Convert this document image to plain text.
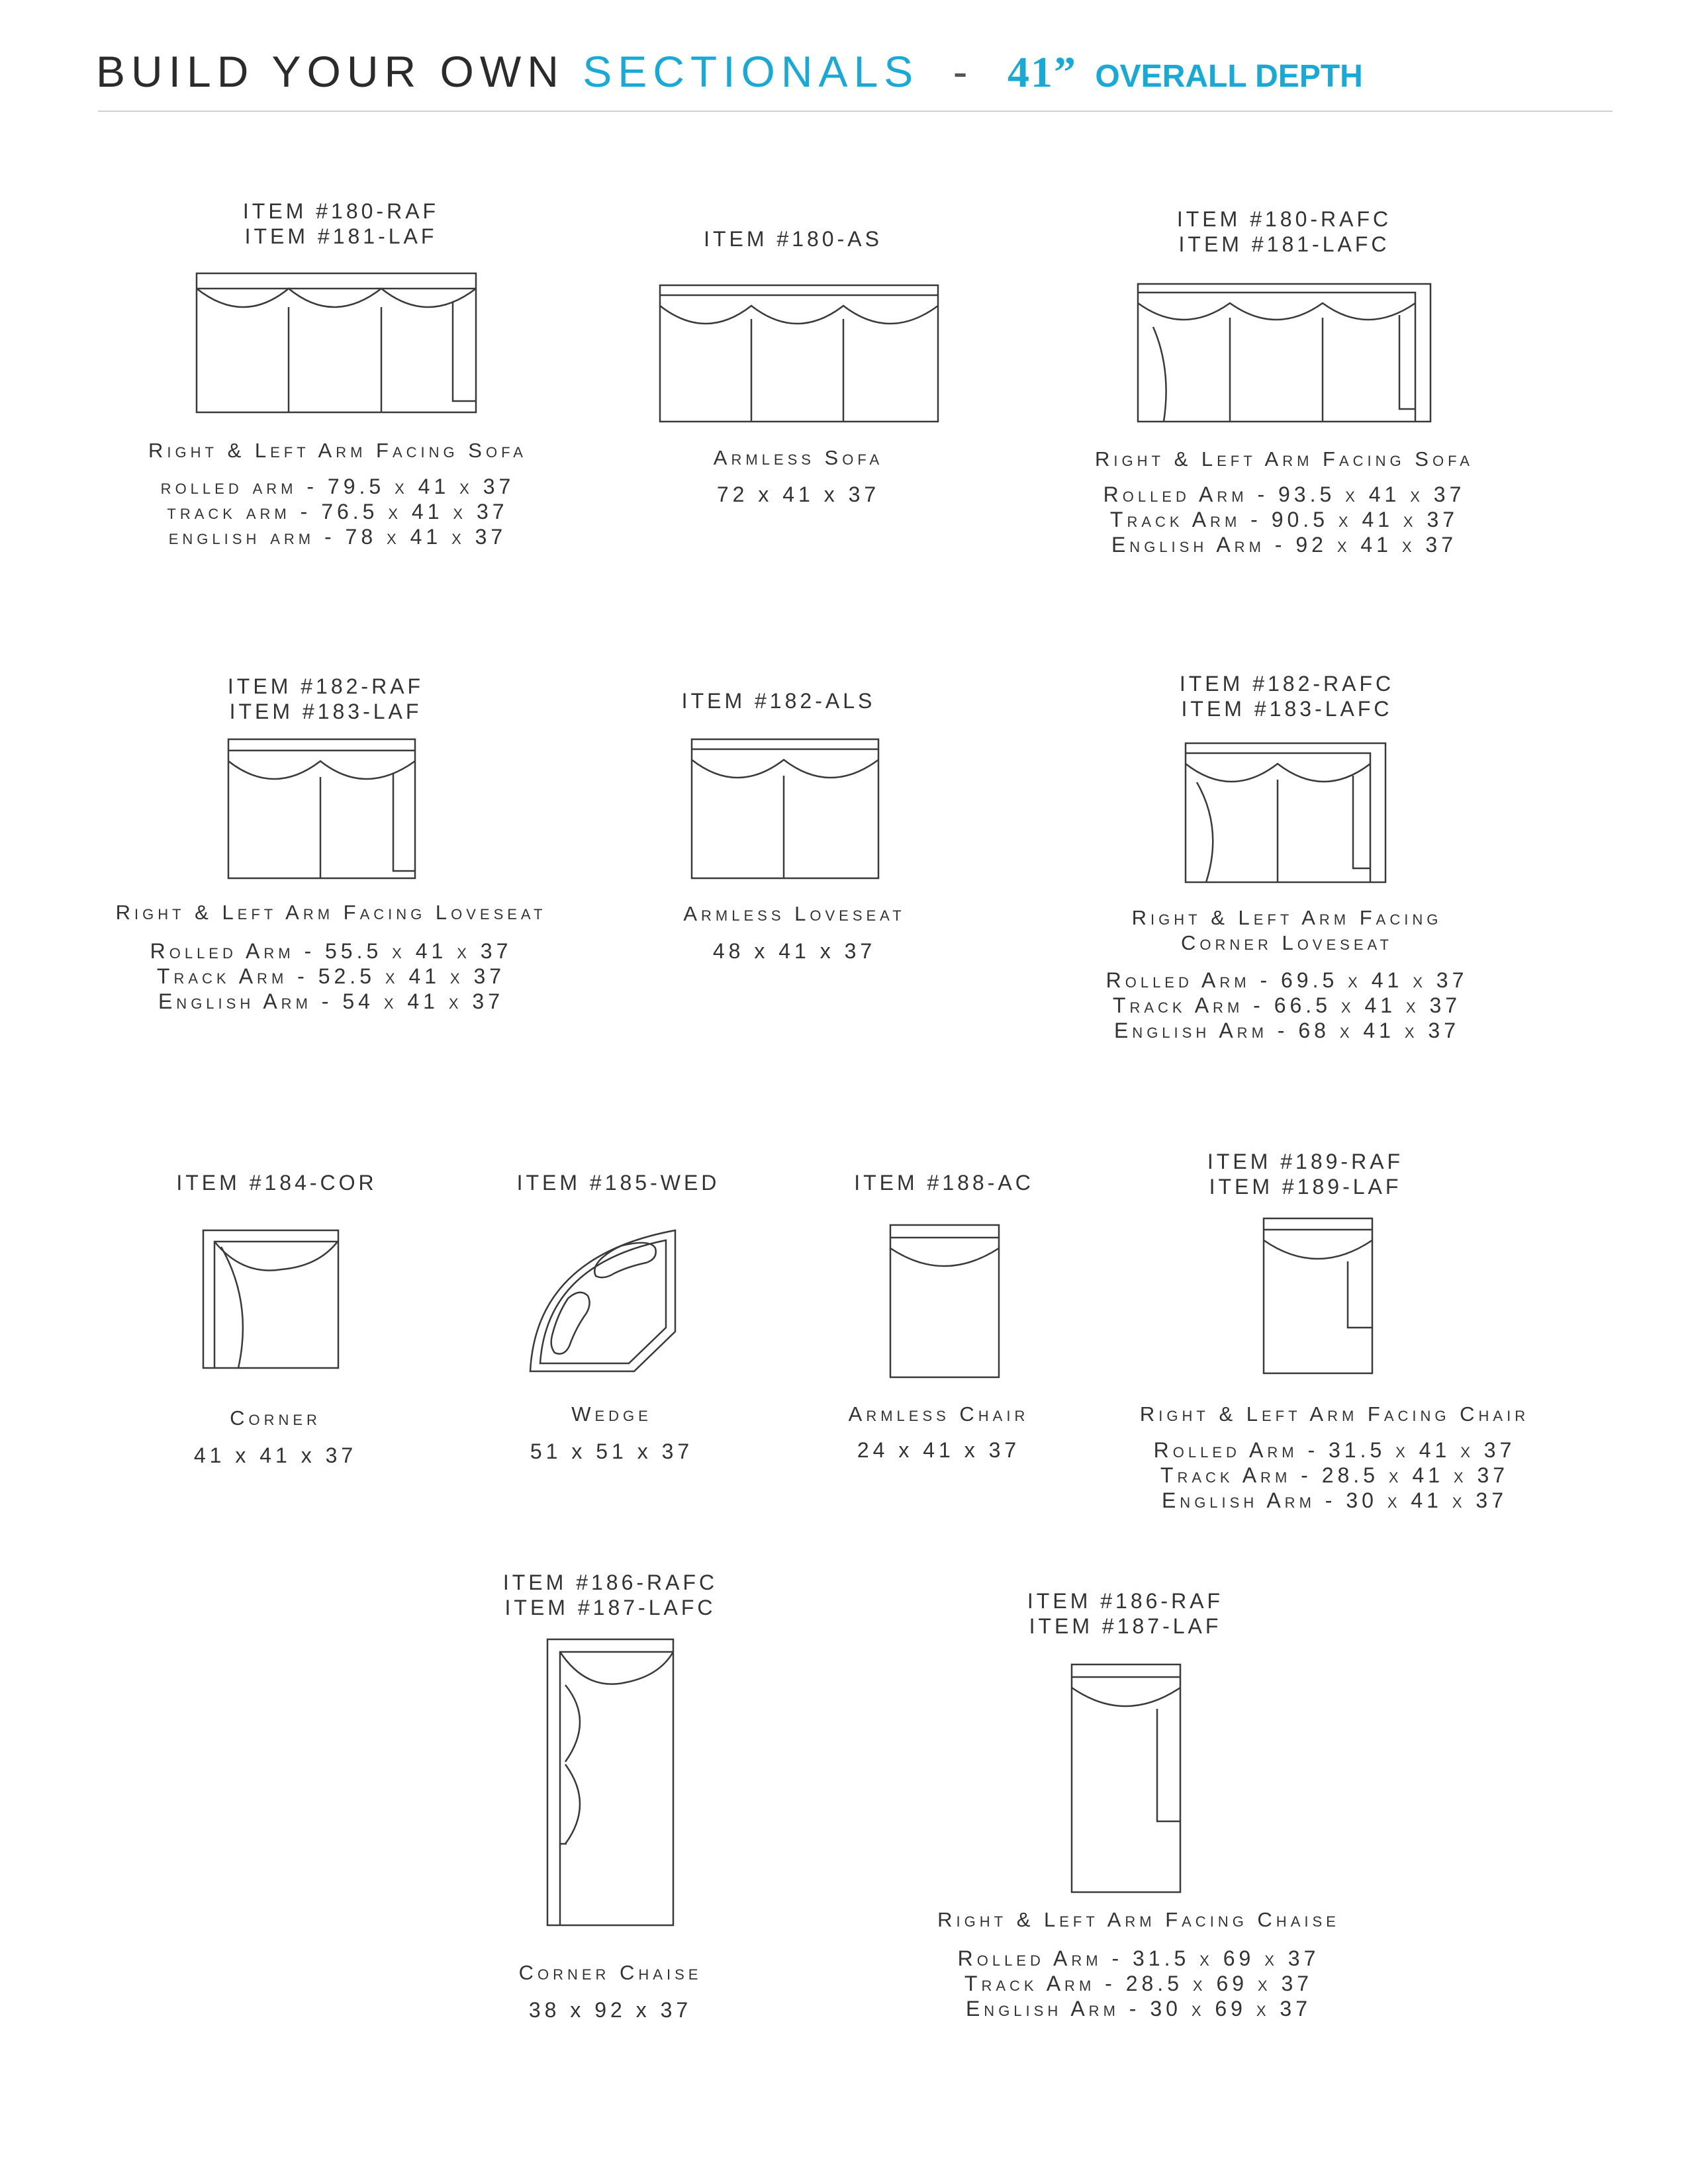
BUILD YOUR OWN SECTIONALS - 41” OVERALL DEPTH
ITEM #180-RAF
ITEM #181-LAF
Right & Left Arm Facing Sofa
rolled arm - 79.5 x 41 x 37
track arm - 76.5 x 41 x 37
english arm - 78 x 41 x 37
ITEM #180-AS
Armless Sofa
72 x 41 x 37
ITEM #180-RAFC
ITEM #181-LAFC
Right & Left Arm Facing Sofa
Rolled Arm - 93.5 x 41 x 37
Track Arm - 90.5 x 41 x 37
English Arm - 92 x 41 x 37
ITEM #182-RAF
ITEM #183-LAF
Right & Left Arm Facing Loveseat
Rolled Arm - 55.5 x 41 x 37
Track Arm - 52.5 x 41 x 37
English Arm - 54 x 41 x 37
ITEM #182-ALS
Armless Loveseat
48 x 41 x 37
ITEM #182-RAFC
ITEM #183-LAFC
Right & Left Arm Facing
Corner Loveseat
Rolled Arm - 69.5 x 41 x 37
Track Arm - 66.5 x 41 x 37
English Arm - 68 x 41 x 37
ITEM #184-COR
Corner
41 x 41 x 37
ITEM #185-WED
Wedge
51 x 51 x 37
ITEM #188-AC
Armless Chair
24 x 41 x 37
ITEM #189-RAF
ITEM #189-LAF
Right & Left Arm Facing Chair
Rolled Arm - 31.5 x 41 x 37
Track Arm - 28.5 x 41 x 37
English Arm - 30 x 41 x 37
ITEM #186-RAFC
ITEM #187-LAFC
Corner Chaise
38 x 92 x 37
ITEM #186-RAF
ITEM #187-LAF
Right & Left Arm Facing Chaise
Rolled Arm - 31.5 x 69 x 37
Track Arm - 28.5 x 69 x 37
English Arm - 30 x 69 x 37
